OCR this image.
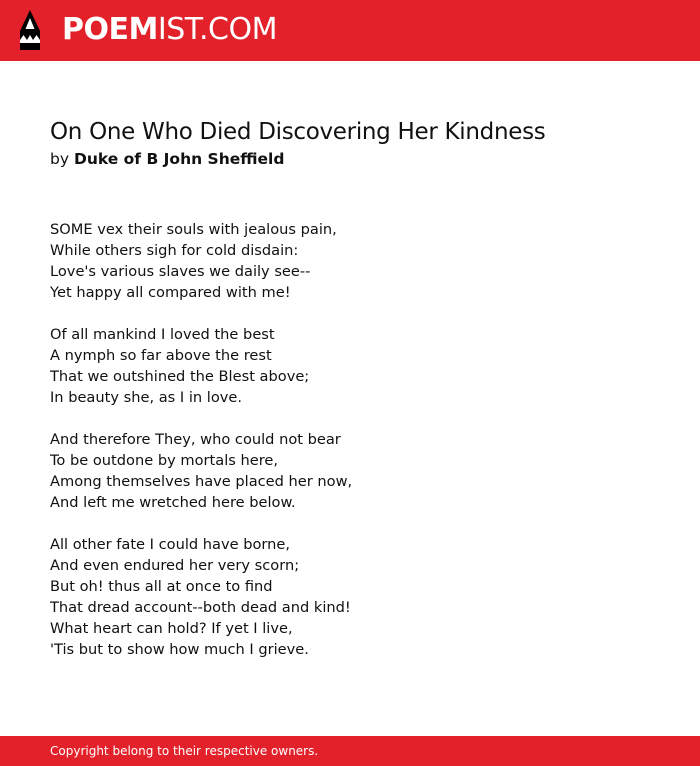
POEMIST.COM
On One Who Died Discovering Her Kindness
by Duke of B John Sheffield
SOME vex their souls with jealous pain,
While others sigh for cold disdain:
Love's various slaves we daily see--
Yet happy all compared with me!
Of all mankind I loved the best
A nymph so far above the rest
That we outshined the Blest above;
In beauty she, as I in love.
And therefore They, who could not bear
To be outdone by mortals here,
Among themselves have placed her now,
And left me wretched here below.
All other fate I could have borne,
And even endured her very scorn;
But oh! thus all at once to find
That dread account--both dead and kind!
What heart can hold? If yet I live,
'Tis but to show how much I grieve.
Copyright belong to their respective owners.
